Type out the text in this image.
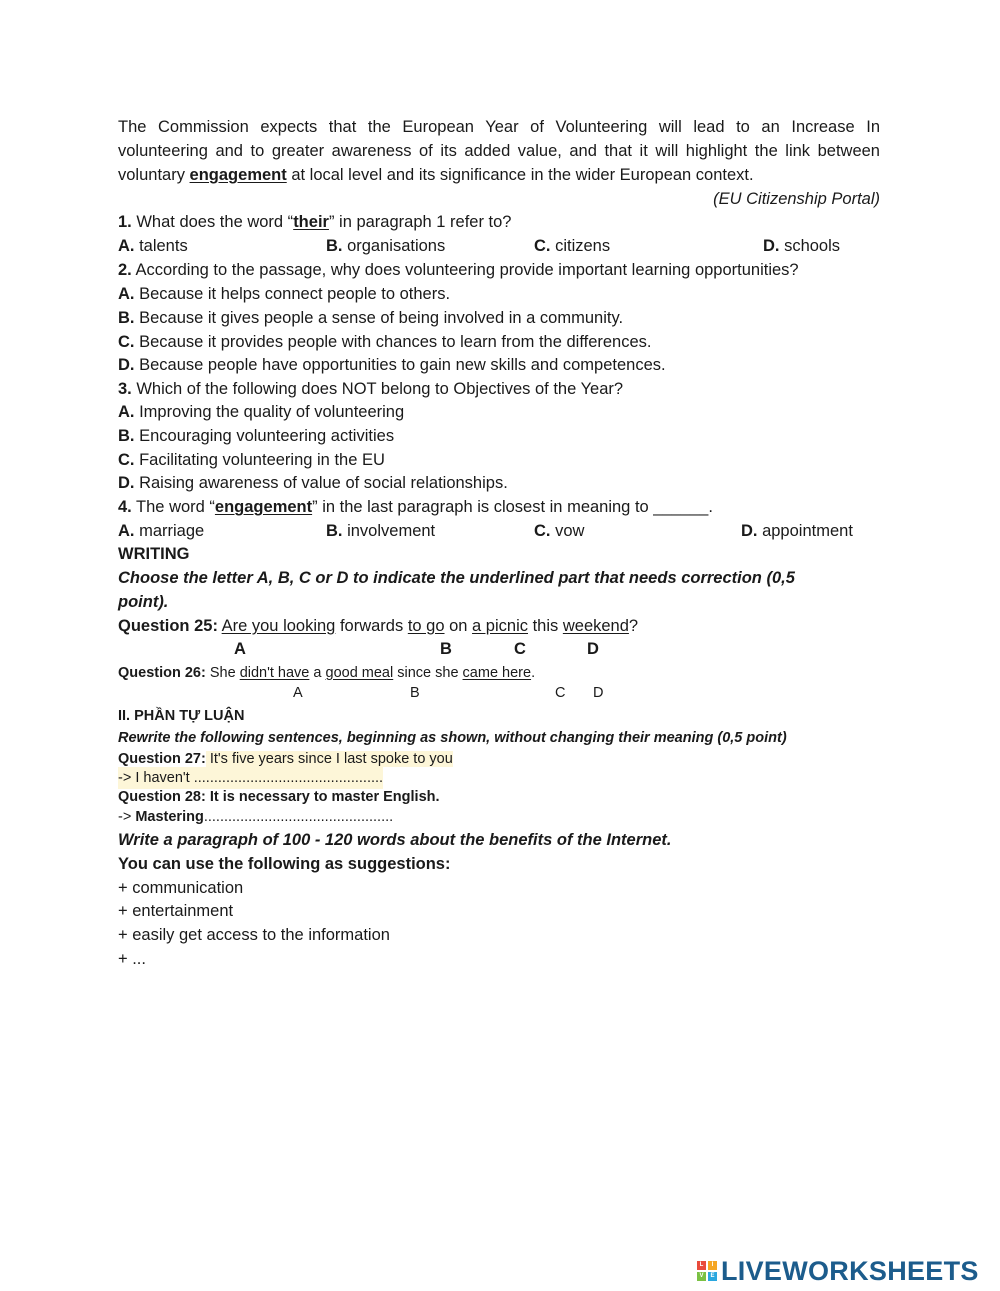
The Commission expects that the European Year of Volunteering will lead to an Increase In
volunteering and to greater awareness of its added value, and that it will highlight the link between
voluntary engagement at local level and its significance in the wider European context.
(EU Citizenship Portal)
1. What does the word “their” in paragraph 1 refer to?
A. talents	B. organisations	C. citizens	D. schools
2. According to the passage, why does volunteering provide important learning opportunities?
A. Because it helps connect people to others.
B. Because it gives people a sense of being involved in a community.
C. Because it provides people with chances to learn from the differences.
D. Because people have opportunities to gain new skills and competences.
3. Which of the following does NOT belong to Objectives of the Year?
A. Improving the quality of volunteering
B. Encouraging volunteering activities
C. Facilitating volunteering in the EU
D. Raising awareness of value of social relationships.
4. The word “engagement” in the last paragraph is closest in meaning to ______.
A. marriage	B. involvement	C. vow	D. appointment
WRITING
Choose the letter A, B, C or D to indicate the underlined part that needs correction (0,5
point).
Question 25: Are you looking forwards to go on a picnic this weekend?
A	B	C	D
Question 26: She didn't have a good meal since she came here.
A	B	C D
II. PHẦN TỰ LUẬN
Rewrite the following sentences, beginning as shown, without changing their meaning (0,5 point)
Question 27: It's five years since I last spoke to you
-> I haven't ...............................................
Question 28: It is necessary to master English.
-> Mastering...............................................
Write a paragraph of 100 - 120 words about the benefits of the Internet.
You can use the following as suggestions:
+ communication
+ entertainment
+ easily get access to the information
+ ...
L	I
V	E LIVEWORKSHEETS
